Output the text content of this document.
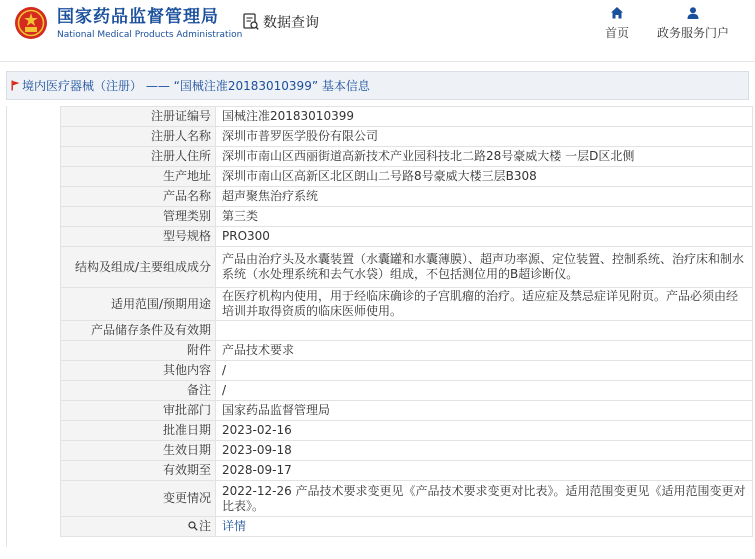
国家药品监督管理局
National Medical Products Administration
数据查询
首页 政务服务门户
境内医疗器械（注册） —— “国械注准20183010399” 基本信息
注册证编号	国械注准20183010399
注册人名称	深圳市普罗医学股份有限公司
注册人住所	深圳市南山区西丽街道高新技术产业园科技北二路28号豪威大楼 一层D区北侧
生产地址	深圳市南山区高新区北区朗山二号路8号豪威大楼三层B308
产品名称	超声聚焦治疗系统
管理类别	第三类
型号规格	PRO300
结构及组成/主要组成成分	产品由治疗头及水囊装置（水囊罐和水囊薄膜）、超声功率源、定位装置、控制系统、治疗床和制水系统（水处理系统和去气水袋）组成，不包括测位用的B超诊断仪。
适用范围/预期用途	在医疗机构内使用，用于经临床确诊的子宫肌瘤的治疗。适应症及禁忌症详见附页。产品必须由经培训并取得资质的临床医师使用。
产品储存条件及有效期	
附件	产品技术要求
其他内容	/
备注	/
审批部门	国家药品监督管理局
批准日期	2023-02-16
生效日期	2023-09-18
有效期至	2028-09-17
变更情况	2022-12-26 产品技术要求变更见《产品技术要求变更对比表》。适用范围变更见《适用范围变更对比表》。
注	详情
